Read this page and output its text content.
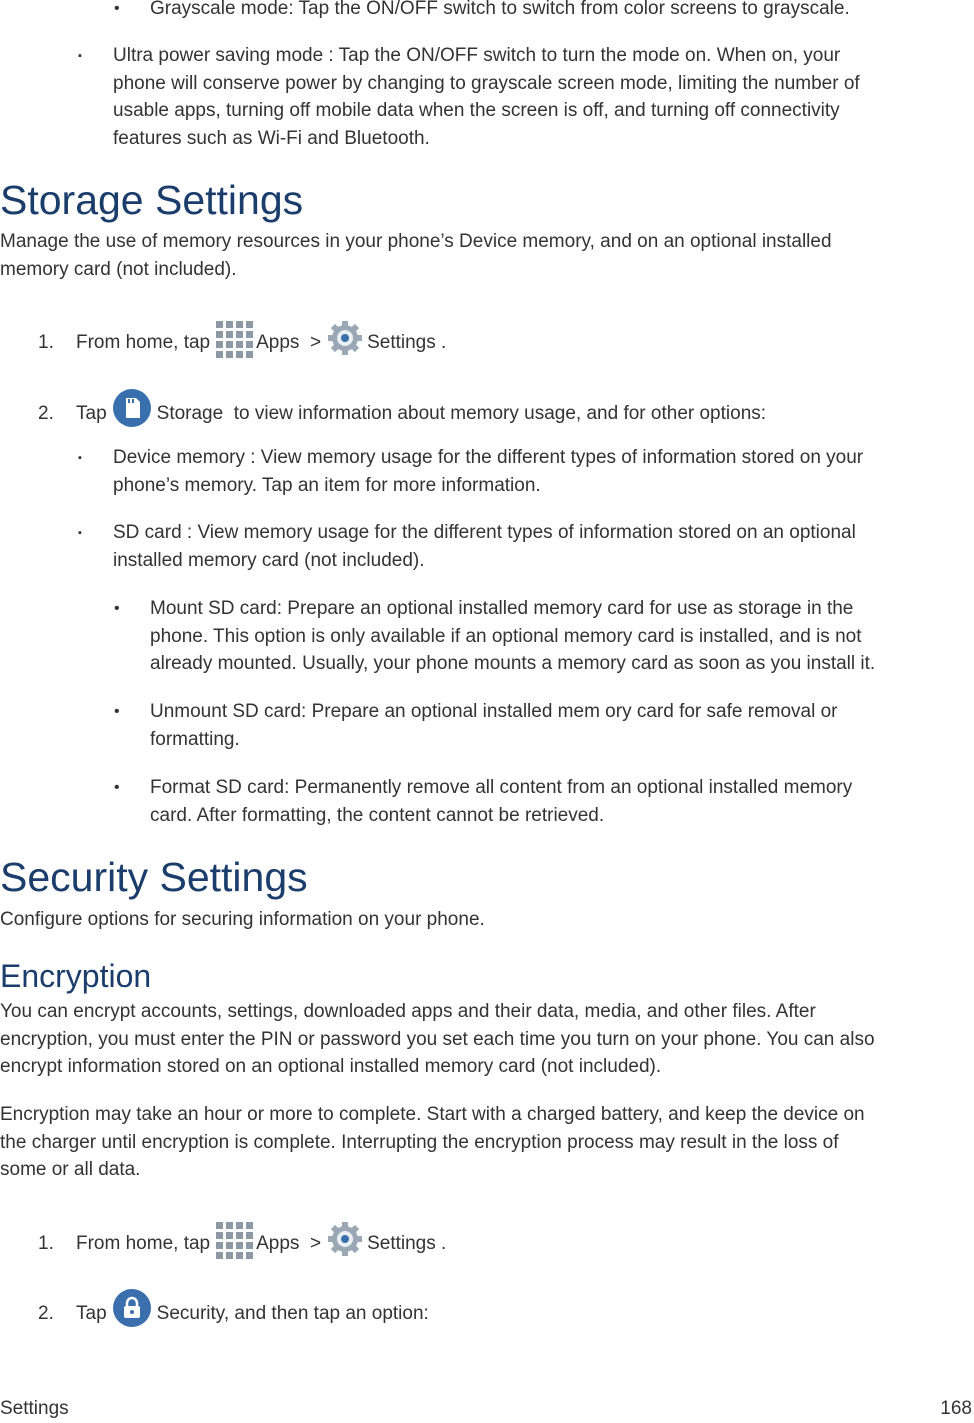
• Grayscale mode: Tap the ON/OFF switch to switch from color screens to grayscale.

▪ Ultra power saving mode : Tap the ON/OFF switch to turn the mode on. When on, your

phone will conserve power by changing to grayscale screen mode, limiting the number of

usable apps, turning off mobile data when the screen is off, and turning off connectivity

features such as Wi-Fi and Bluetooth.

Storage Settings

Manage the use of memory resources in your phone’s Device memory, and on an optional installed

memory card (not included).

1. From home, tap Apps > Settings .
2. Tap	Storage to view information about memory usage, and for other options:
▪ Device memory : View memory usage for the different types of information stored on your

phone’s memory. Tap an item for more information.

▪ SD card : View memory usage for the different types of information stored on an optional

installed memory card (not included).

• Mount SD card: Prepare an optional installed memory card for use as storage in the

phone. This option is only available if an optional memory card is installed, and is not

already mounted. Usually, your phone mounts a memory card as soon as you install it.

• Unmount SD card: Prepare an optional installed mem ory card for safe removal or

formatting.

• Format SD card: Permanently remove all content from an optional installed memory

card. After formatting, the content cannot be retrieved.

Security Settings

Configure options for securing information on your phone.

Encryption

You can encrypt accounts, settings, downloaded apps and their data, media, and other files. After

encryption, you must enter the PIN or password you set each time you turn on your phone. You can also

encrypt information stored on an optional installed memory card (not included).

Encryption may take an hour or more to complete. Start with a charged battery, and keep the device on

the charger until encryption is complete. Interrupting the encryption process may result in the loss of

some or all data.

1. From home, tap Apps > Settings .
2. Tap	Security, and then tap an option:
Settings	168
